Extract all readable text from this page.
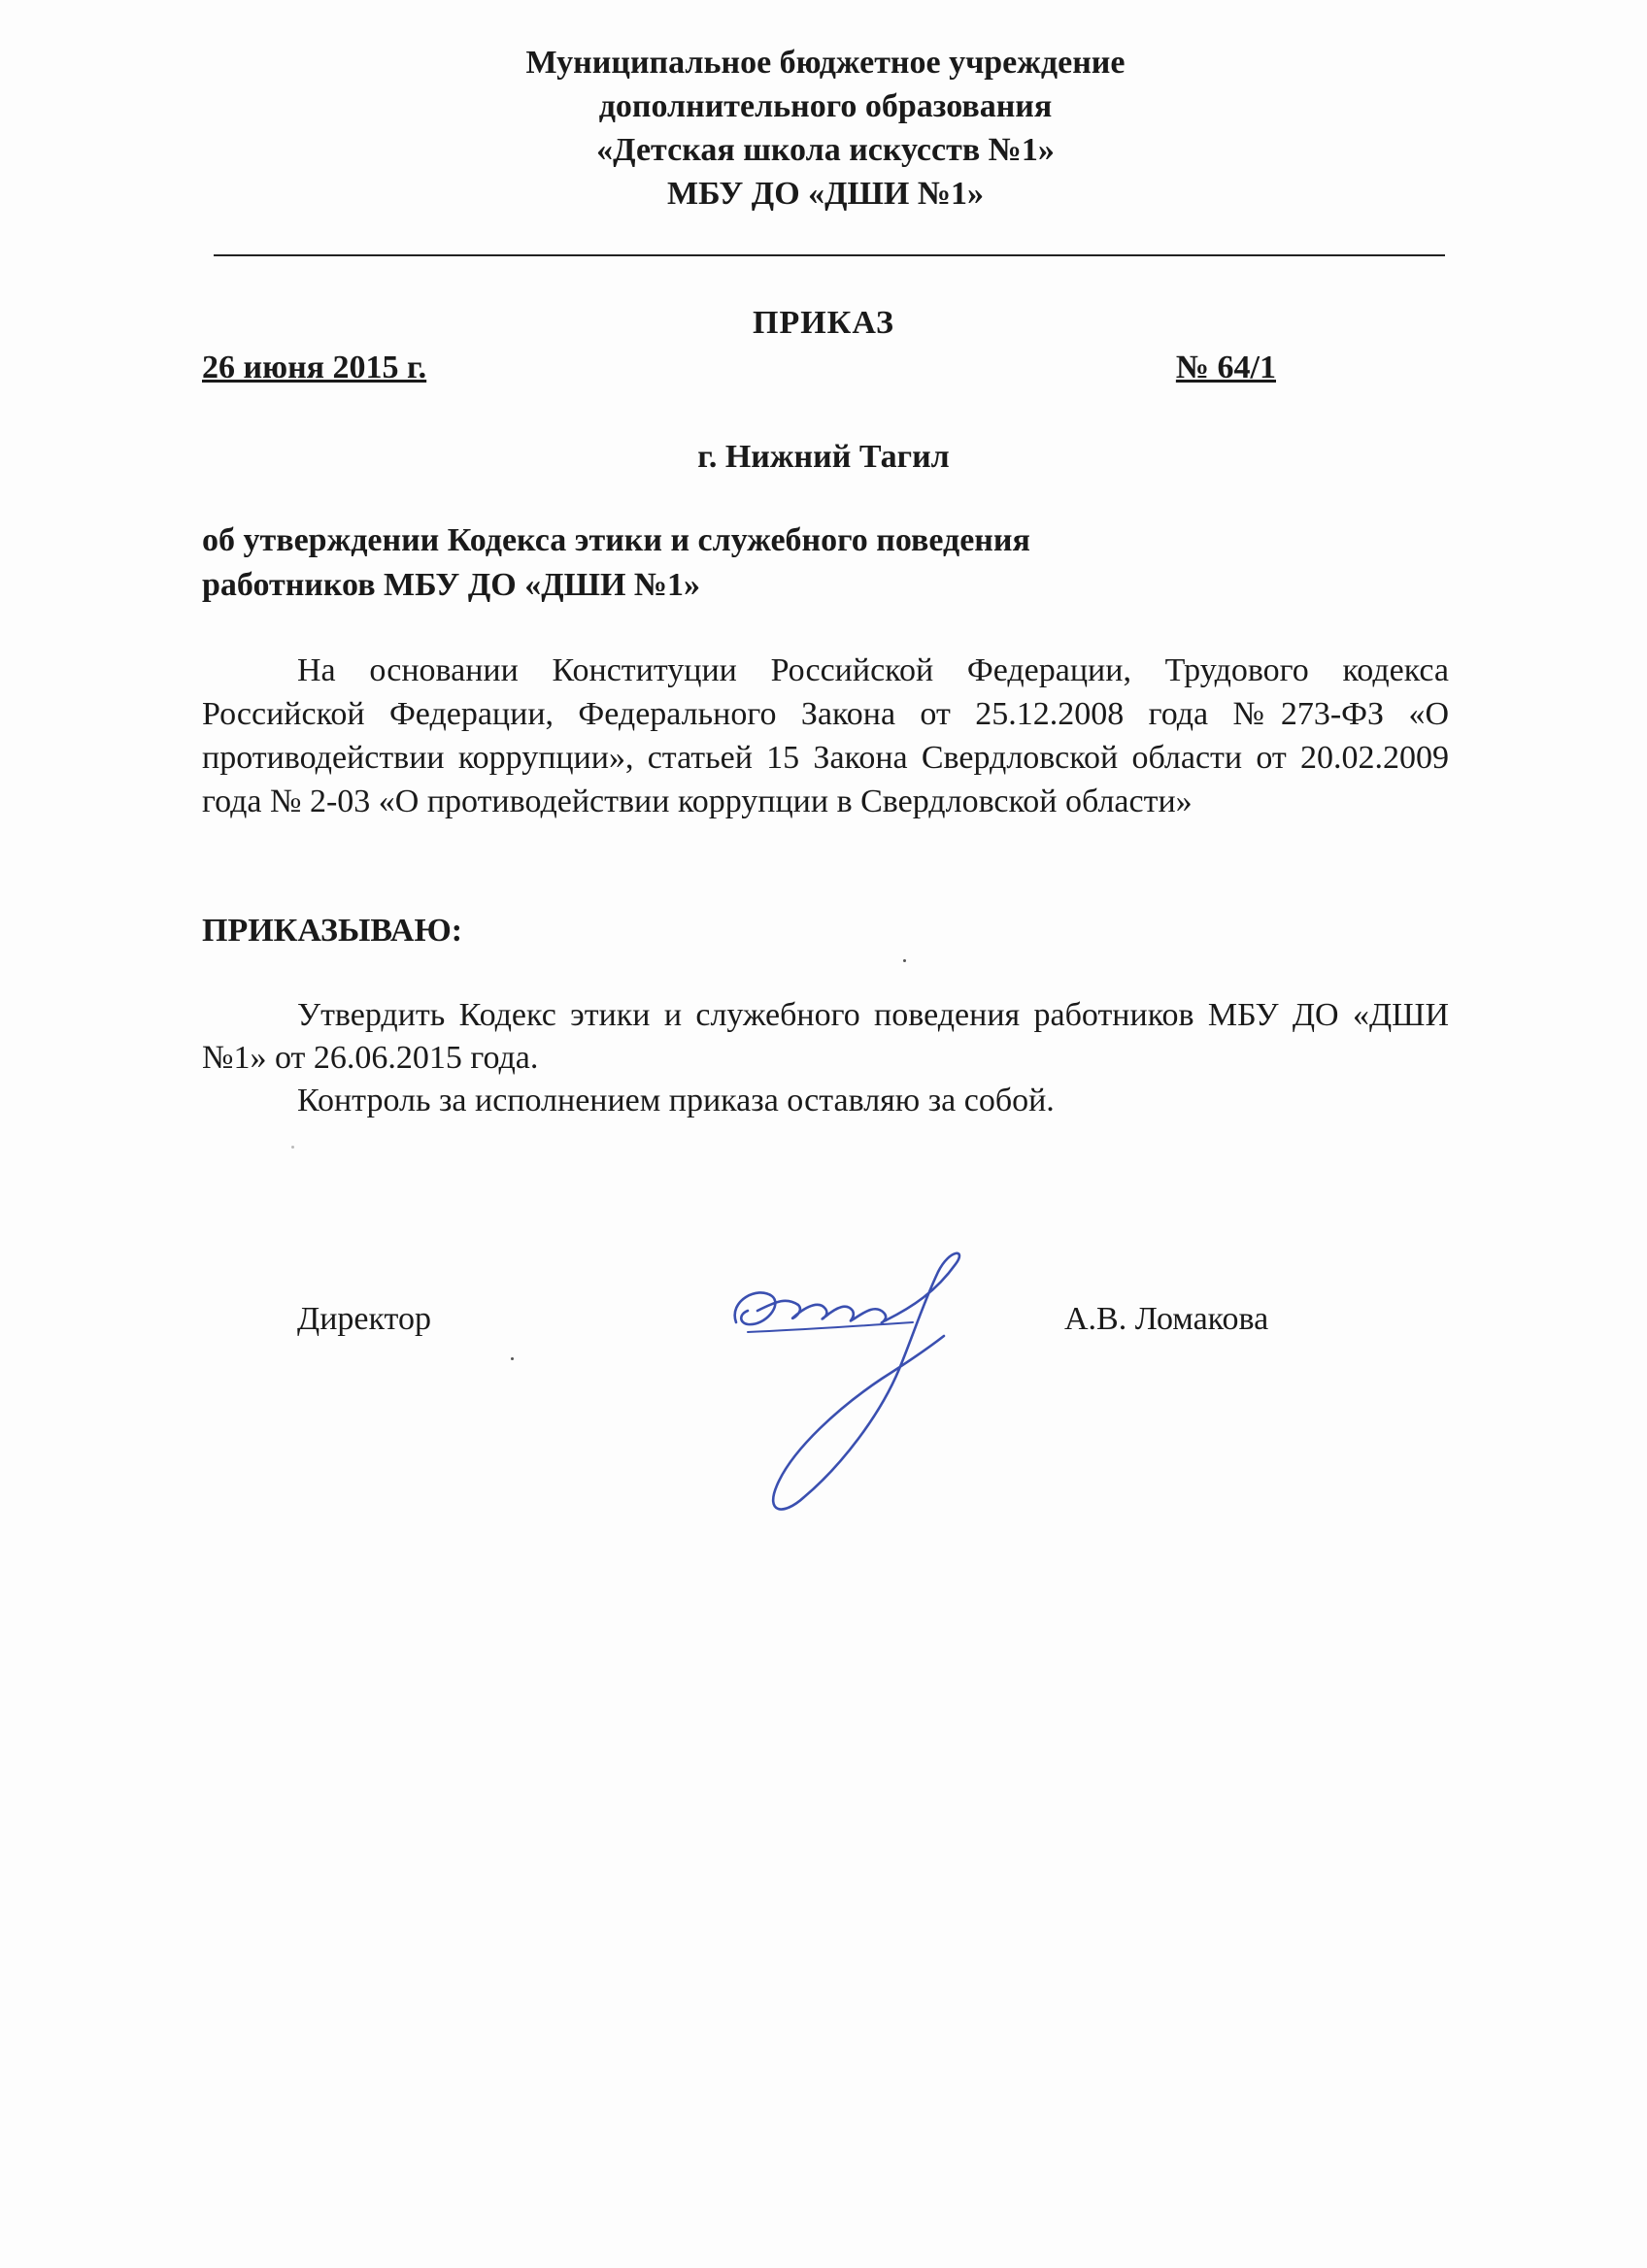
Муниципальное бюджетное учреждение
дополнительного образования
«Детская школа искусств №1»
МБУ ДО «ДШИ №1»
ПРИКАЗ
26 июня 2015 г.	№ 64/1
г. Нижний Тагил
об утверждении Кодекса этики и служебного поведения
работников МБУ ДО «ДШИ №1»

На основании Конституции Российской Федерации, Трудового кодекса Российской Федерации, Федерального Закона от 25.12.2008 года №273-ФЗ «О противодействии коррупции», статьей 15 Закона Свердловской области от 20.02.2009 года № 2-03 «О противодействии коррупции в Свердловской области»

ПРИКАЗЫВАЮ:

Утвердить Кодекс этики и служебного поведения работников МБУ ДО «ДШИ №1» от 26.06.2015 года.

Контроль за исполнением приказа оставляю за собой.

Директор	А.В. Ломакова
